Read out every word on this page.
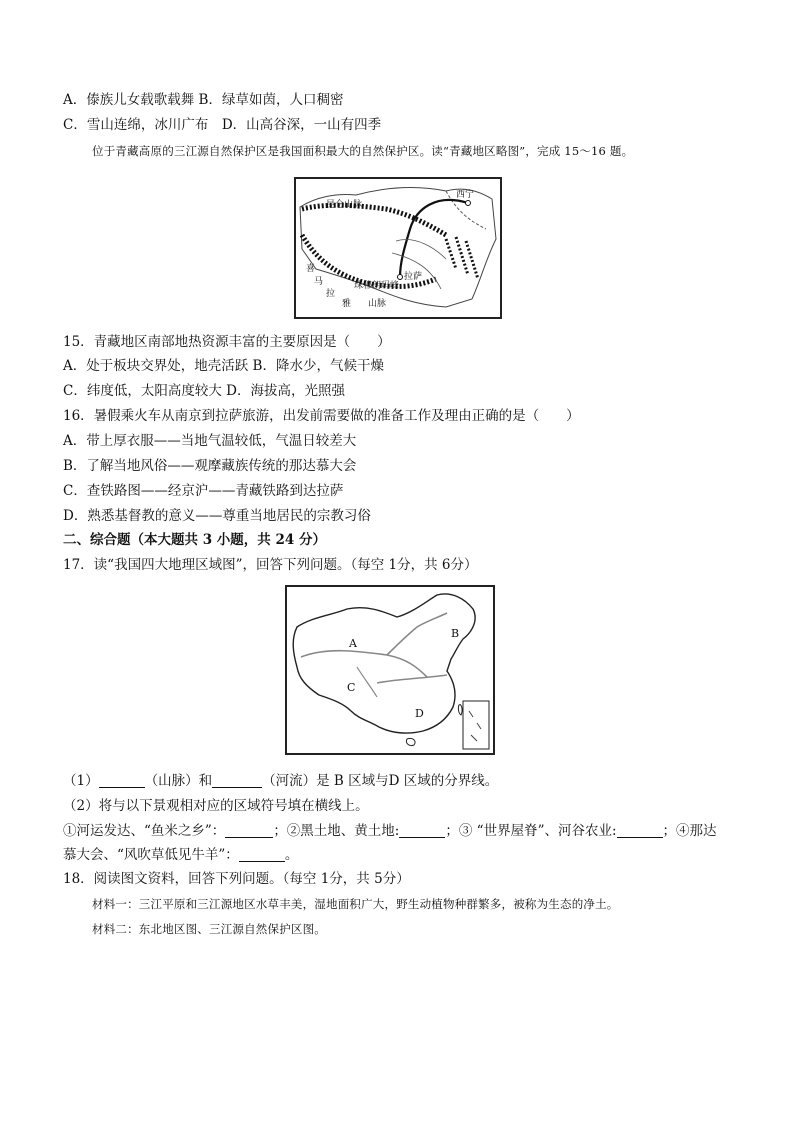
A．傣族儿女载歌载舞 B．绿草如茵，人口稠密
C．雪山连绵，冰川广布　D．山高谷深，一山有四季
位于青藏高原的三江源自然保护区是我国面积最大的自然保护区。读“青藏地区略图”，完成 15～16 题。
昆仑山脉
西宁
拉萨
珠穆朗玛峰
喜
马
拉
雅 山脉
15．青藏地区南部地热资源丰富的主要原因是（　　）
A．处于板块交界处，地壳活跃 B．降水少，气候干燥
C．纬度低，太阳高度较大 D．海拔高，光照强
16．暑假乘火车从南京到拉萨旅游，出发前需要做的准备工作及理由正确的是（　　）
A．带上厚衣服——当地气温较低，气温日较差大
B．了解当地风俗——观摩藏族传统的那达慕大会
C．查铁路图——经京沪——青藏铁路到达拉萨
D．熟悉基督教的意义——尊重当地居民的宗教习俗
二、综合题（本大题共 3 小题，共 24 分）
17．读“我国四大地理区域图”，回答下列问题。（每空 1分，共 6分）
A
B
C
D
（1）	（山脉）和	（河流）是 B 区域与D 区域的分界线。
（2）将与以下景观相对应的区域符号填在横线上。
①河运发达、“鱼米之乡”：	；②黑土地、黄土地:	；③ “世界屋脊”、河谷农业:	；④那达
慕大会、“风吹草低见牛羊”：	。
18．阅读图文资料，回答下列问题。（每空 1分，共 5分）
材料一：三江平原和三江源地区水草丰美，湿地面积广大，野生动植物种群繁多，被称为生态的净土。
材料二：东北地区图、三江源自然保护区图。
